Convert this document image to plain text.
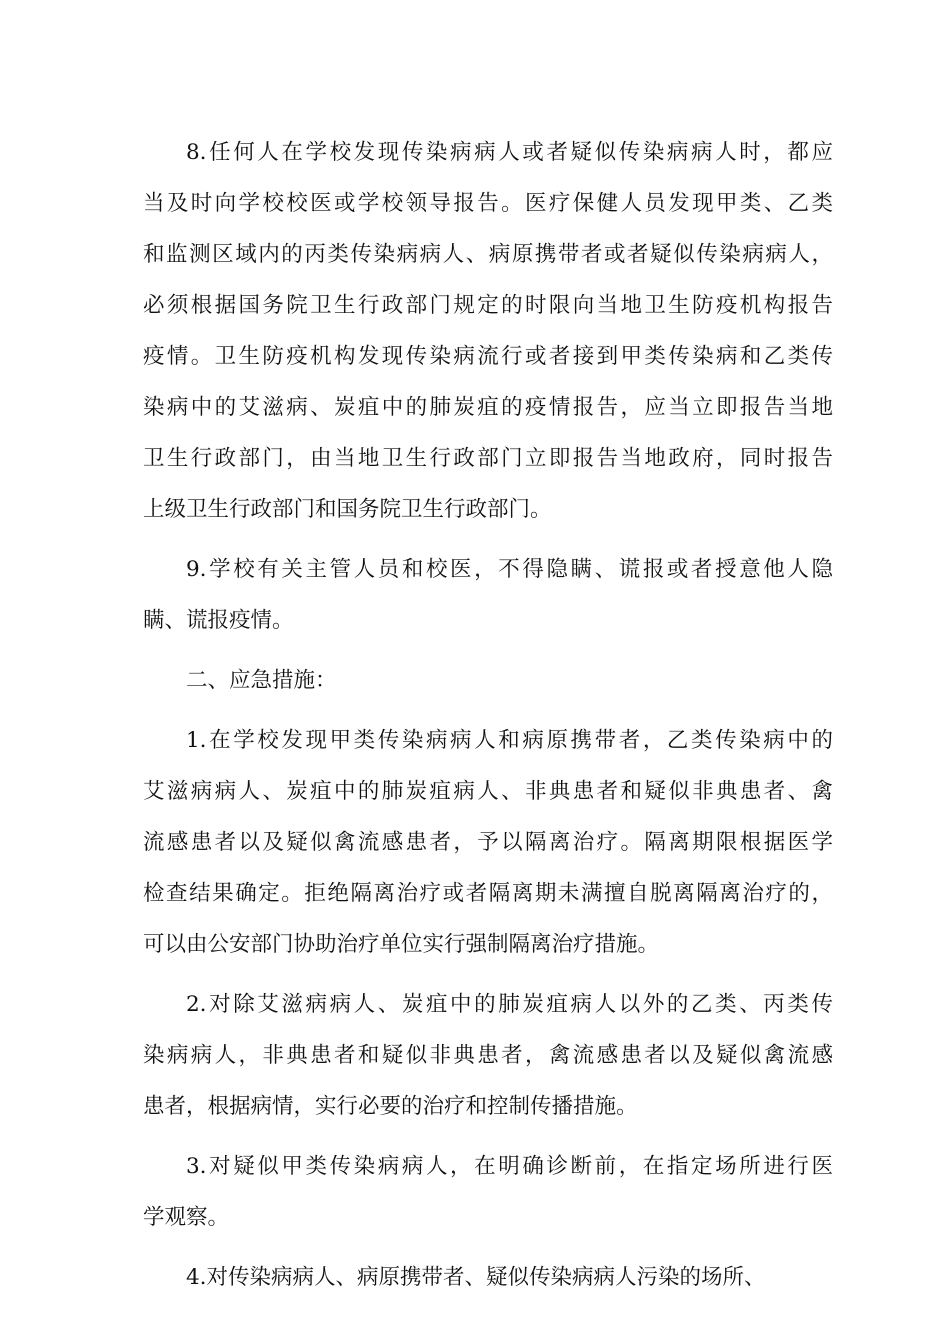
8.任何人在学校发现传染病病人或者疑似传染病病人时，都应
当及时向学校校医或学校领导报告。医疗保健人员发现甲类、乙类
和监测区域内的丙类传染病病人、病原携带者或者疑似传染病病人，
必须根据国务院卫生行政部门规定的时限向当地卫生防疫机构报告
疫情。卫生防疫机构发现传染病流行或者接到甲类传染病和乙类传
染病中的艾滋病、炭疽中的肺炭疽的疫情报告，应当立即报告当地
卫生行政部门，由当地卫生行政部门立即报告当地政府，同时报告
上级卫生行政部门和国务院卫生行政部门。

9.学校有关主管人员和校医，不得隐瞒、谎报或者授意他人隐
瞒、谎报疫情。

二、应急措施：

1.在学校发现甲类传染病病人和病原携带者，乙类传染病中的
艾滋病病人、炭疽中的肺炭疽病人、非典患者和疑似非典患者、禽
流感患者以及疑似禽流感患者，予以隔离治疗。隔离期限根据医学
检查结果确定。拒绝隔离治疗或者隔离期未满擅自脱离隔离治疗的，
可以由公安部门协助治疗单位实行强制隔离治疗措施。

2.对除艾滋病病人、炭疽中的肺炭疽病人以外的乙类、丙类传
染病病人，非典患者和疑似非典患者，禽流感患者以及疑似禽流感
患者，根据病情，实行必要的治疗和控制传播措施。

3.对疑似甲类传染病病人，在明确诊断前，在指定场所进行医
学观察。

4.对传染病病人、病原携带者、疑似传染病病人污染的场所、
